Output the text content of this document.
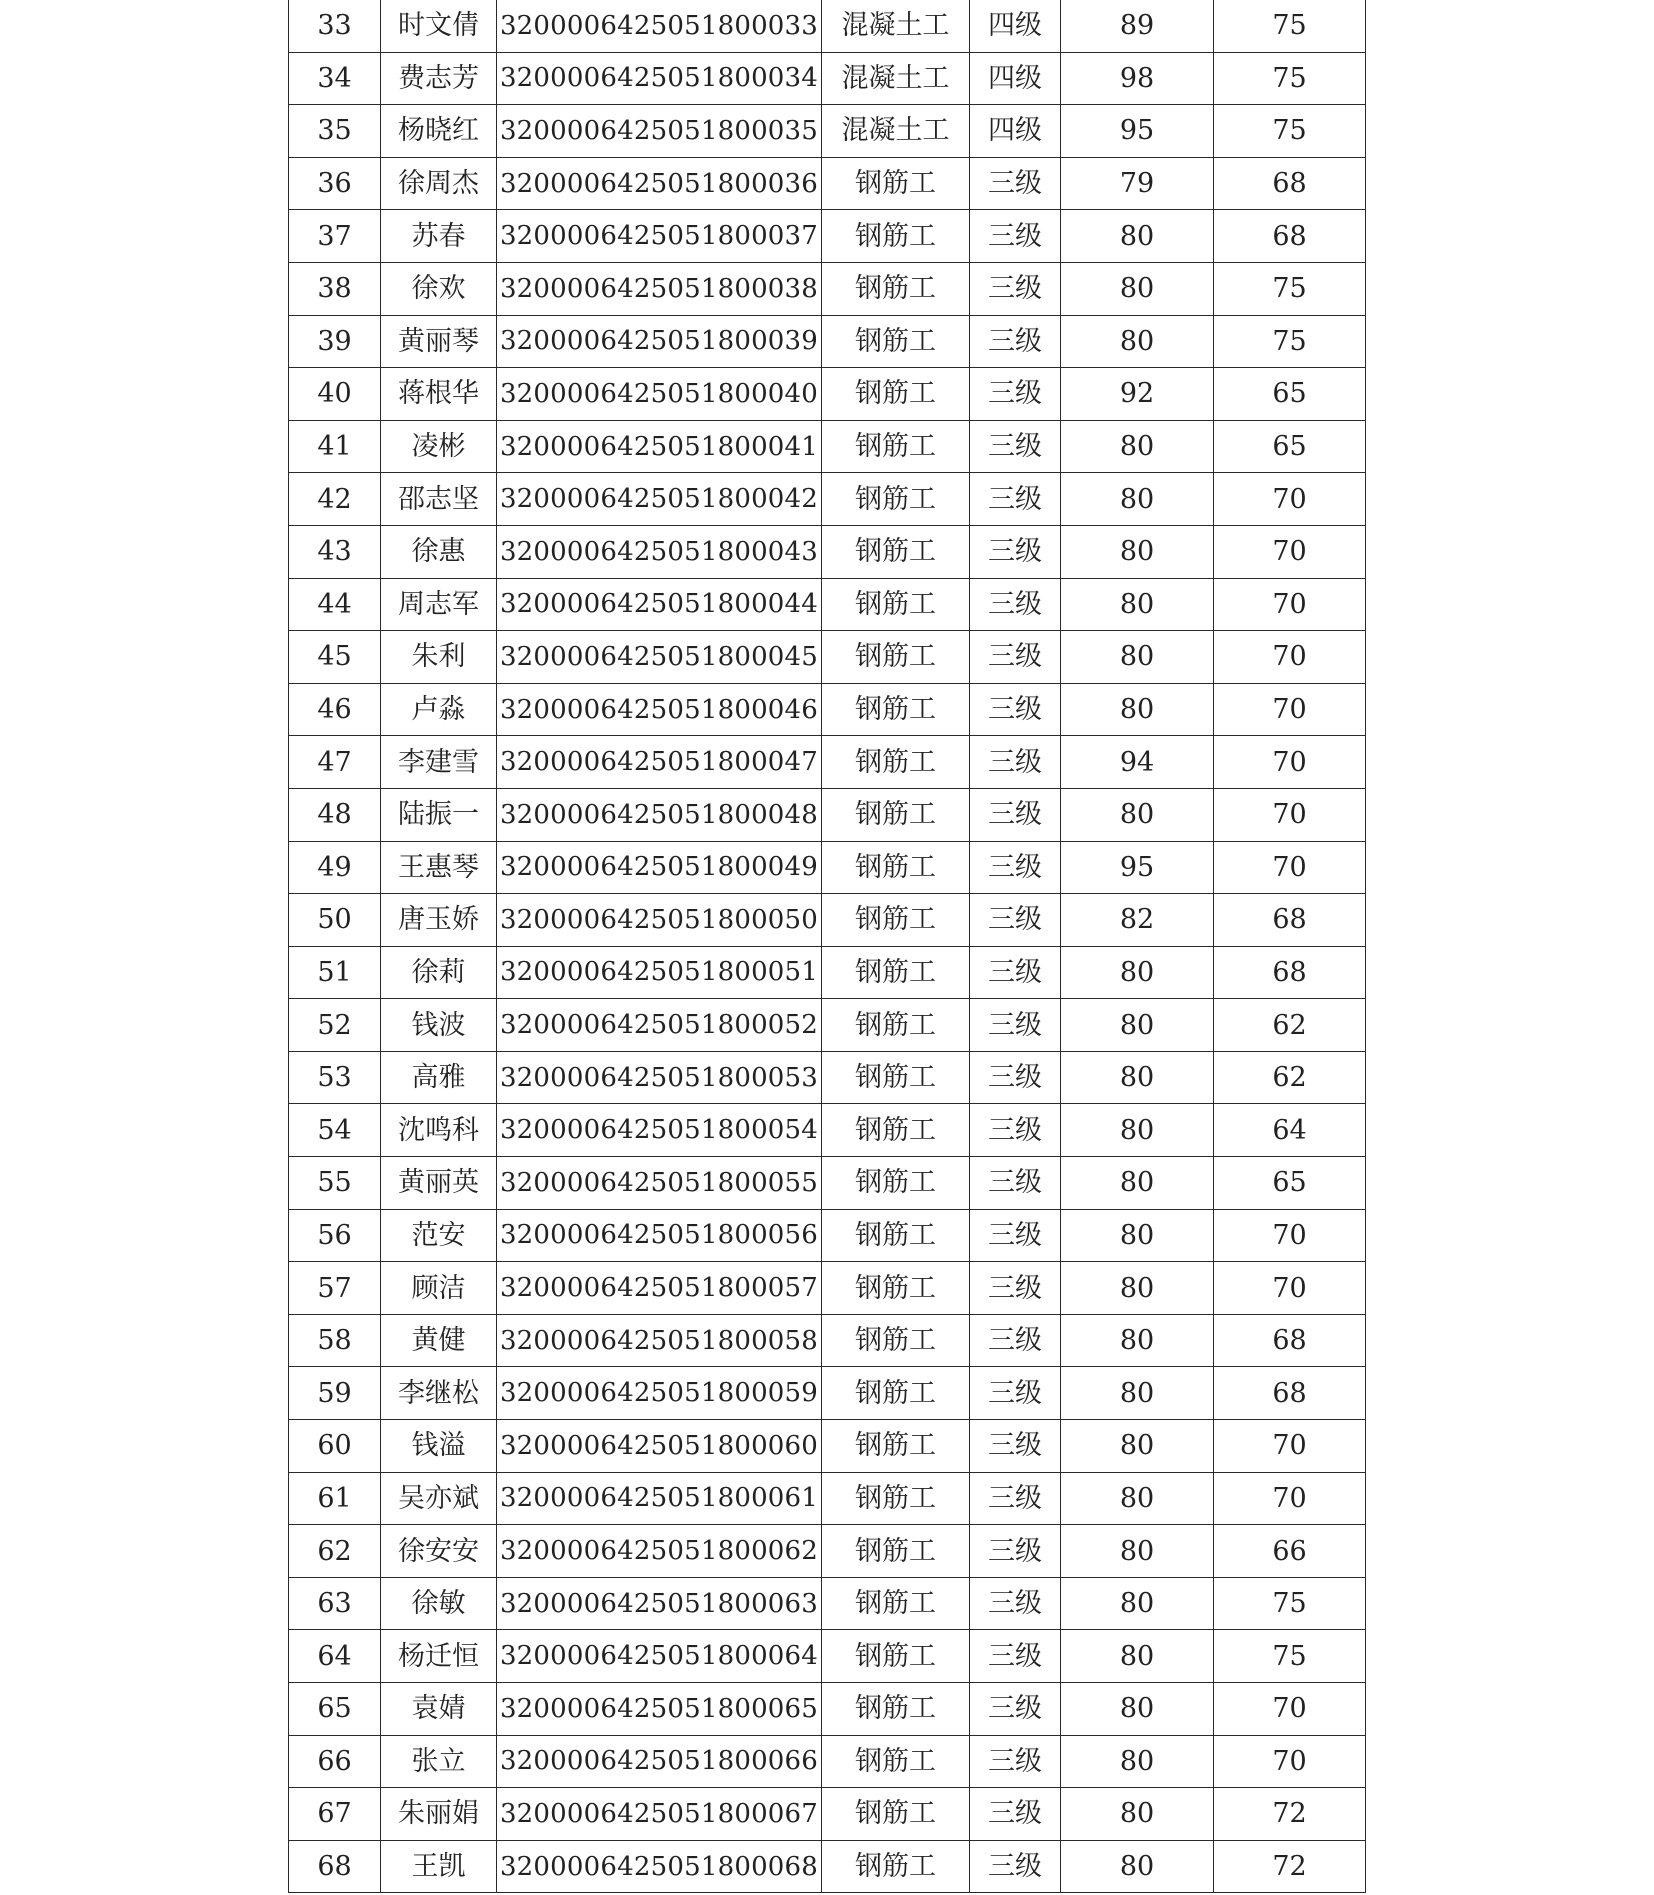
33	时文倩	3200006425051800033	混凝土工	四级	89	75
34	费志芳	3200006425051800034	混凝土工	四级	98	75
35	杨晓红	3200006425051800035	混凝土工	四级	95	75
36	徐周杰	3200006425051800036	钢筋工	三级	79	68
37	苏春	3200006425051800037	钢筋工	三级	80	68
38	徐欢	3200006425051800038	钢筋工	三级	80	75
39	黄丽琴	3200006425051800039	钢筋工	三级	80	75
40	蒋根华	3200006425051800040	钢筋工	三级	92	65
41	凌彬	3200006425051800041	钢筋工	三级	80	65
42	邵志坚	3200006425051800042	钢筋工	三级	80	70
43	徐惠	3200006425051800043	钢筋工	三级	80	70
44	周志军	3200006425051800044	钢筋工	三级	80	70
45	朱利	3200006425051800045	钢筋工	三级	80	70
46	卢淼	3200006425051800046	钢筋工	三级	80	70
47	李建雪	3200006425051800047	钢筋工	三级	94	70
48	陆振一	3200006425051800048	钢筋工	三级	80	70
49	王惠琴	3200006425051800049	钢筋工	三级	95	70
50	唐玉娇	3200006425051800050	钢筋工	三级	82	68
51	徐莉	3200006425051800051	钢筋工	三级	80	68
52	钱波	3200006425051800052	钢筋工	三级	80	62
53	高雅	3200006425051800053	钢筋工	三级	80	62
54	沈鸣科	3200006425051800054	钢筋工	三级	80	64
55	黄丽英	3200006425051800055	钢筋工	三级	80	65
56	范安	3200006425051800056	钢筋工	三级	80	70
57	顾洁	3200006425051800057	钢筋工	三级	80	70
58	黄健	3200006425051800058	钢筋工	三级	80	68
59	李继松	3200006425051800059	钢筋工	三级	80	68
60	钱溢	3200006425051800060	钢筋工	三级	80	70
61	吴亦斌	3200006425051800061	钢筋工	三级	80	70
62	徐安安	3200006425051800062	钢筋工	三级	80	66
63	徐敏	3200006425051800063	钢筋工	三级	80	75
64	杨迁恒	3200006425051800064	钢筋工	三级	80	75
65	袁婧	3200006425051800065	钢筋工	三级	80	70
66	张立	3200006425051800066	钢筋工	三级	80	70
67	朱丽娟	3200006425051800067	钢筋工	三级	80	72
68	王凯	3200006425051800068	钢筋工	三级	80	72
